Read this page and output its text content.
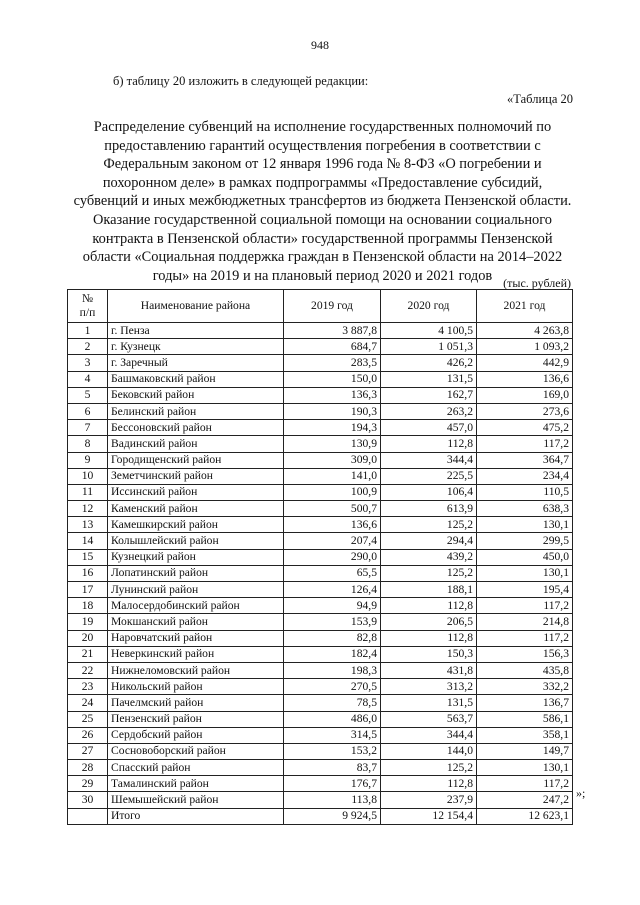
948
б) таблицу 20 изложить в следующей редакции:
«Таблица 20
Распределение субвенций на исполнение государственных полномочий по предоставлению гарантий осуществления погребения в соответствии с Федеральным законом от 12 января 1996 года № 8-ФЗ «О погребении и похоронном деле» в рамках подпрограммы «Предоставление субсидий, субвенций и иных межбюджетных трансфертов из бюджета Пензенской области. Оказание государственной социальной помощи на основании социального контракта в Пензенской области» государственной программы Пензенской области «Социальная поддержка граждан в Пензенской области на 2014–2022 годы» на 2019 и на плановый период 2020 и 2021 годов (тыс. рублей)
№
п/п	Наименование района	2019 год	2020 год	2021 год
1	г. Пенза	3 887,8	4 100,5	4 263,8
2	г. Кузнецк	684,7	1 051,3	1 093,2
3	г. Заречный	283,5	426,2	442,9
4	Башмаковский район	150,0	131,5	136,6
5	Бековский район	136,3	162,7	169,0
6	Белинский район	190,3	263,2	273,6
7	Бессоновский район	194,3	457,0	475,2
8	Вадинский район	130,9	112,8	117,2
9	Городищенский район	309,0	344,4	364,7
10	Земетчинский район	141,0	225,5	234,4
11	Иссинский район	100,9	106,4	110,5
12	Каменский район	500,7	613,9	638,3
13	Камешкирский район	136,6	125,2	130,1
14	Колышлейский район	207,4	294,4	299,5
15	Кузнецкий район	290,0	439,2	450,0
16	Лопатинский район	65,5	125,2	130,1
17	Лунинский район	126,4	188,1	195,4
18	Малосердобинский район	94,9	112,8	117,2
19	Мокшанский район	153,9	206,5	214,8
20	Наровчатский район	82,8	112,8	117,2
21	Неверкинский район	182,4	150,3	156,3
22	Нижнеломовский район	198,3	431,8	435,8
23	Никольский район	270,5	313,2	332,2
24	Пачелмский район	78,5	131,5	136,7
25	Пензенский район	486,0	563,7	586,1
26	Сердобский район	314,5	344,4	358,1
27	Сосновоборский район	153,2	144,0	149,7
28	Спасский район	83,7	125,2	130,1
29	Тамалинский район	176,7	112,8	117,2
30	Шемышейский район	113,8	237,9	247,2
	Итого	9 924,5	12 154,4	12 623,1
»;
